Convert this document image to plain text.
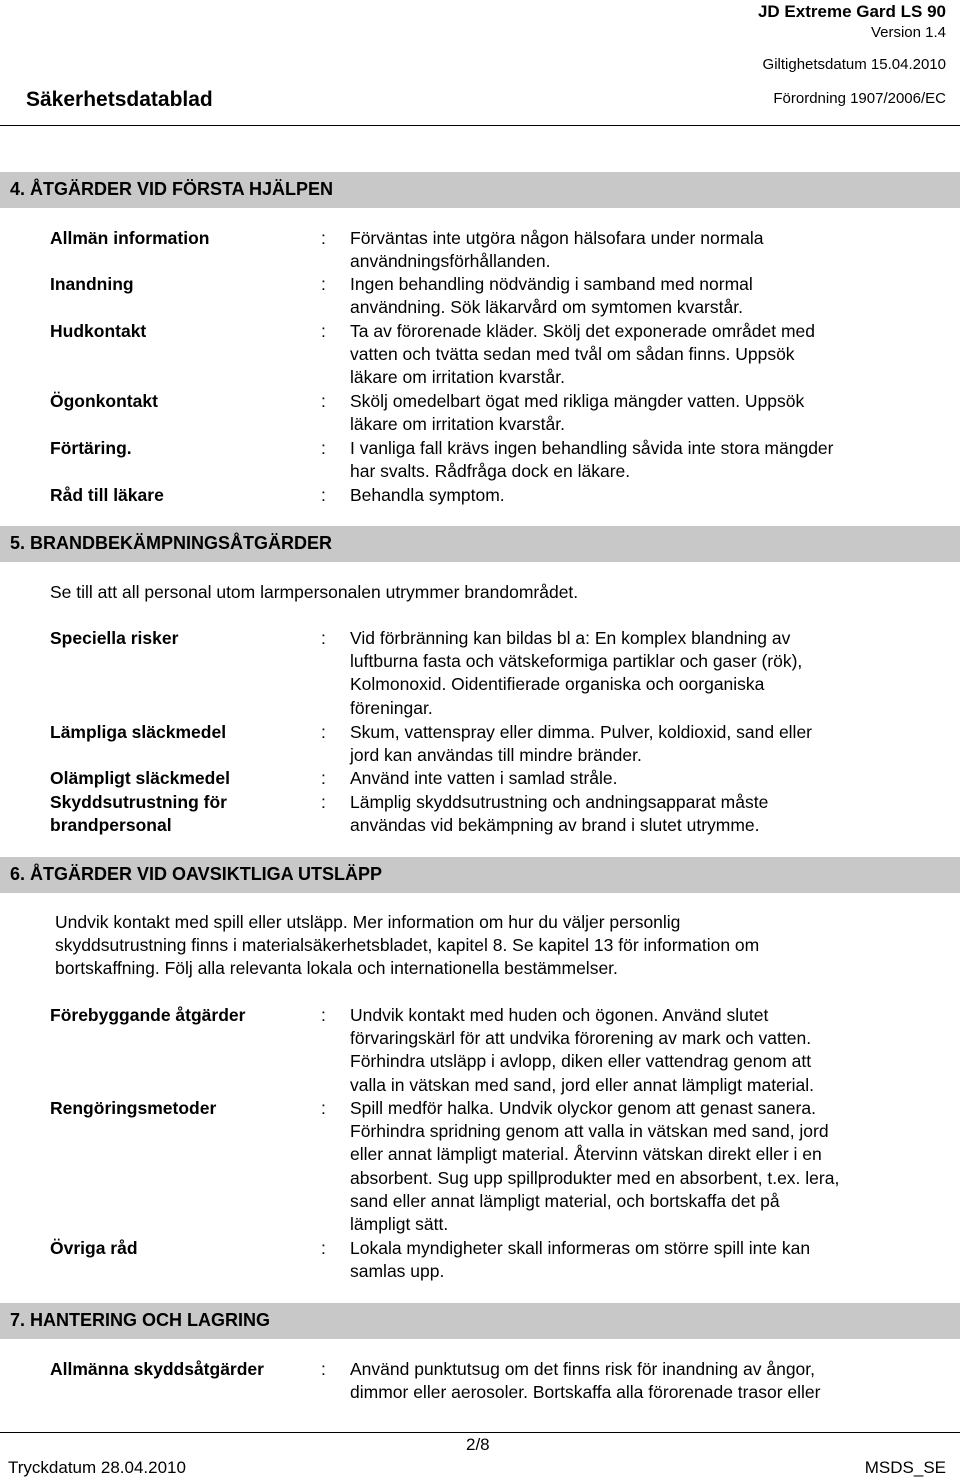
JD Extreme Gard LS 90
Version 1.4
Giltighetsdatum 15.04.2010
Säkerhetsdatablad	Förordning 1907/2006/EC
4. ÅTGÄRDER VID FÖRSTA HJÄLPEN
Allmän information	: Förväntas inte utgöra någon hälsofara under normala
användningsförhållanden.
Inandning	: Ingen behandling nödvändig i samband med normal
användning. Sök läkarvård om symtomen kvarstår.
Hudkontakt	: Ta av förorenade kläder. Skölj det exponerade området med
vatten och tvätta sedan med tvål om sådan finns. Uppsök
läkare om irritation kvarstår.
Ögonkontakt	: Skölj omedelbart ögat med rikliga mängder vatten. Uppsök
läkare om irritation kvarstår.
Förtäring.	: I vanliga fall krävs ingen behandling såvida inte stora mängder
har svalts. Rådfråga dock en läkare.
Råd till läkare	: Behandla symptom.
5. BRANDBEKÄMPNINGSÅTGÄRDER
Se till att all personal utom larmpersonalen utrymmer brandområdet.
Speciella risker	: Vid förbränning kan bildas bl a: En komplex blandning av
luftburna fasta och vätskeformiga partiklar och gaser (rök),
Kolmonoxid. Oidentifierade organiska och oorganiska
föreningar.
Lämpliga släckmedel	: Skum, vattenspray eller dimma. Pulver, koldioxid, sand eller
jord kan användas till mindre bränder.
Olämpligt släckmedel	: Använd inte vatten i samlad stråle.
Skyddsutrustning för
brandpersonal
: Lämplig skyddsutrustning och andningsapparat måste
användas vid bekämpning av brand i slutet utrymme.
6. ÅTGÄRDER VID OAVSIKTLIGA UTSLÄPP
Undvik kontakt med spill eller utsläpp. Mer information om hur du väljer personlig
skyddsutrustning finns i materialsäkerhetsbladet, kapitel 8. Se kapitel 13 för information om
bortskaffning. Följ alla relevanta lokala och internationella bestämmelser.
Förebyggande åtgärder	: Undvik kontakt med huden och ögonen. Använd slutet
förvaringskärl för att undvika förorening av mark och vatten.
Förhindra utsläpp i avlopp, diken eller vattendrag genom att
valla in vätskan med sand, jord eller annat lämpligt material.
Rengöringsmetoder	: Spill medför halka. Undvik olyckor genom att genast sanera.
Förhindra spridning genom att valla in vätskan med sand, jord
eller annat lämpligt material. Återvinn vätskan direkt eller i en
absorbent. Sug upp spillprodukter med en absorbent, t.ex. lera,
sand eller annat lämpligt material, och bortskaffa det på
lämpligt sätt.
Övriga råd	: Lokala myndigheter skall informeras om större spill inte kan
samlas upp.
7. HANTERING OCH LAGRING
Allmänna skyddsåtgärder	: Använd punktutsug om det finns risk för inandning av ångor,
dimmor eller aerosoler. Bortskaffa alla förorenade trasor eller
2/8
Tryckdatum 28.04.2010	MSDS_SE
